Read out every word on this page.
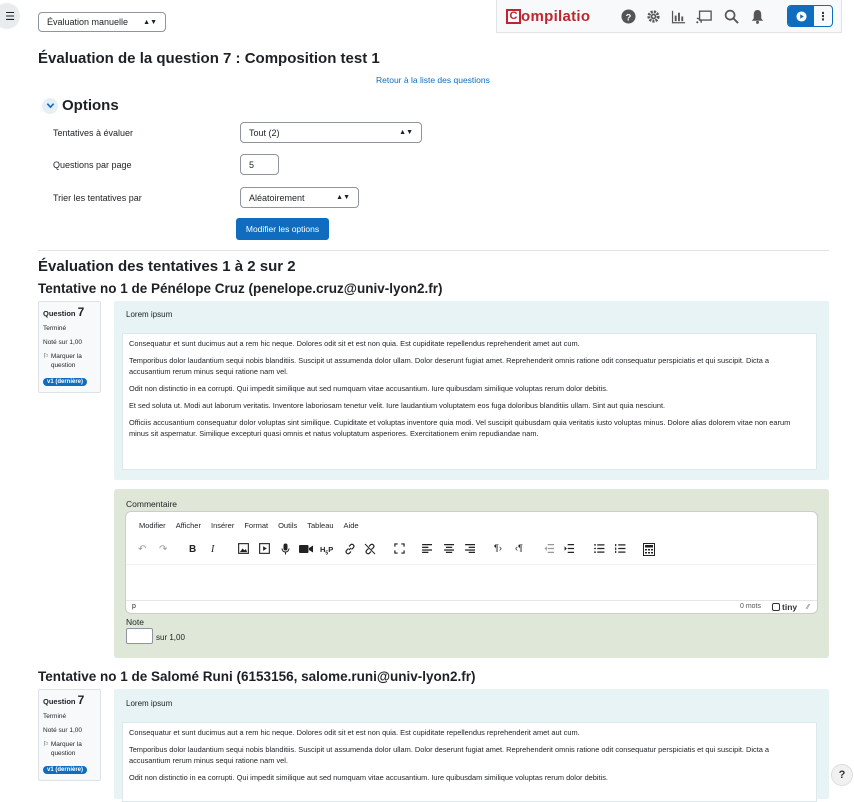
☰	Évaluation manuelle ▲▼	C ompilatio	?	⋮
Évaluation de la question 7 : Composition test 1
Retour à la liste des questions
Options
Tentatives à évaluer	Tout (2)	▲▼
Questions par page	5
Trier les tentatives par	Aléatoirement	▲▼
Modifier les options
Évaluation des tentatives 1 à 2 sur 2
Tentative no 1 de Pénélope Cruz (penelope.cruz@univ-lyon2.fr)
Question 7
Terminé
Noté sur 1,00
⚐ Marquer la question
v1 (dernière)
Lorem ipsum

Consequatur et sunt ducimus aut a rem hic neque. Dolores odit sit et est non quia. Est cupiditate repellendus reprehenderit amet aut cum.

Temporibus dolor laudantium sequi nobis blanditiis. Suscipit ut assumenda dolor ullam. Dolor deserunt fugiat amet. Reprehenderit omnis ratione odit consequatur perspiciatis et qui suscipit. Dicta a accusantium rerum minus sequi ratione nam vel.

Odit non distinctio in ea corrupti. Qui impedit similique aut sed numquam vitae accusantium. Iure quibusdam similique voluptas rerum dolor debitis.

Et sed soluta ut. Modi aut laborum veritatis. Inventore laboriosam tenetur velit. Iure laudantium voluptatem eos fuga doloribus blanditiis ullam. Sint aut quia nesciunt.

Officiis accusantium consequatur dolor voluptas sint similique. Cupiditate et voluptas inventore quia modi. Vel suscipit quibusdam quia veritatis iusto voluptas minus. Dolore alias dolorem vitae non earum minus sit aspernatur. Similique excepturi quasi omnis et natus voluptatum asperiores. Exercitationem enim repudiandae nam.

Commentaire
Modifier Afficher Insérer Format Outils Tableau Aide
↶ ↷ B I	$H_5P$	¶› ‹¶
p	0 mots tiny ⁄⁄
Note
sur 1,00
Tentative no 1 de Salomé Runi (6153156, salome.runi@univ-lyon2.fr)
Question 7
Terminé
Noté sur 1,00
⚐ Marquer la question
v1 (dernière)
Lorem ipsum

Consequatur et sunt ducimus aut a rem hic neque. Dolores odit sit et est non quia. Est cupiditate repellendus reprehenderit amet aut cum.

Temporibus dolor laudantium sequi nobis blanditiis. Suscipit ut assumenda dolor ullam. Dolor deserunt fugiat amet. Reprehenderit omnis ratione odit consequatur perspiciatis et qui suscipit. Dicta a accusantium rerum minus sequi ratione nam vel.

Odit non distinctio in ea corrupti. Qui impedit similique aut sed numquam vitae accusantium. Iure quibusdam similique voluptas rerum dolor debitis.	?
